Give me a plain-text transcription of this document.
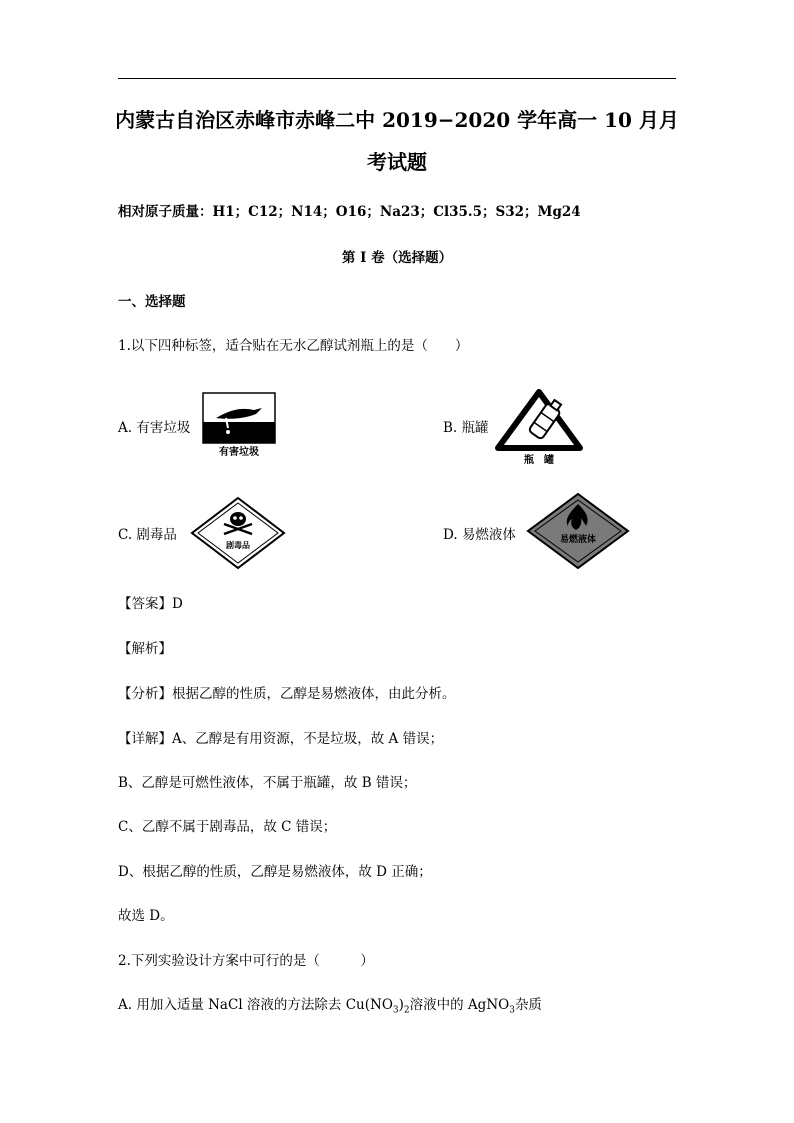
内蒙古自治区赤峰市赤峰二中 2019−2020 学年高一 10 月月
考试题
相对原子质量：H1；C12；N14；O16；Na23；Cl35.5；S32；Mg24
第 I 卷（选择题）
一、选择题
1.以下四种标签，适合贴在无水乙醇试剂瓶上的是（　　）
A. 有害垃圾
有害垃圾
B. 瓶罐
瓶　罐
C. 剧毒品
剧毒品
D. 易燃液体	易燃液体
【答案】D
【解析】
【分析】根据乙醇的性质，乙醇是易燃液体，由此分析。
【详解】A、乙醇是有用资源，不是垃圾，故 A 错误；
B、乙醇是可燃性液体，不属于瓶罐，故 B 错误；
C、乙醇不属于剧毒品，故 C 错误；
D、根据乙醇的性质，乙醇是易燃液体，故 D 正确；
故选 D。
2.下列实验设计方案中可行的是（　　　）
A. 用加入适量 NaCl 溶液的方法除去 $Cu(NO_3)_2$溶液中的 AgNO$_3$杂质
